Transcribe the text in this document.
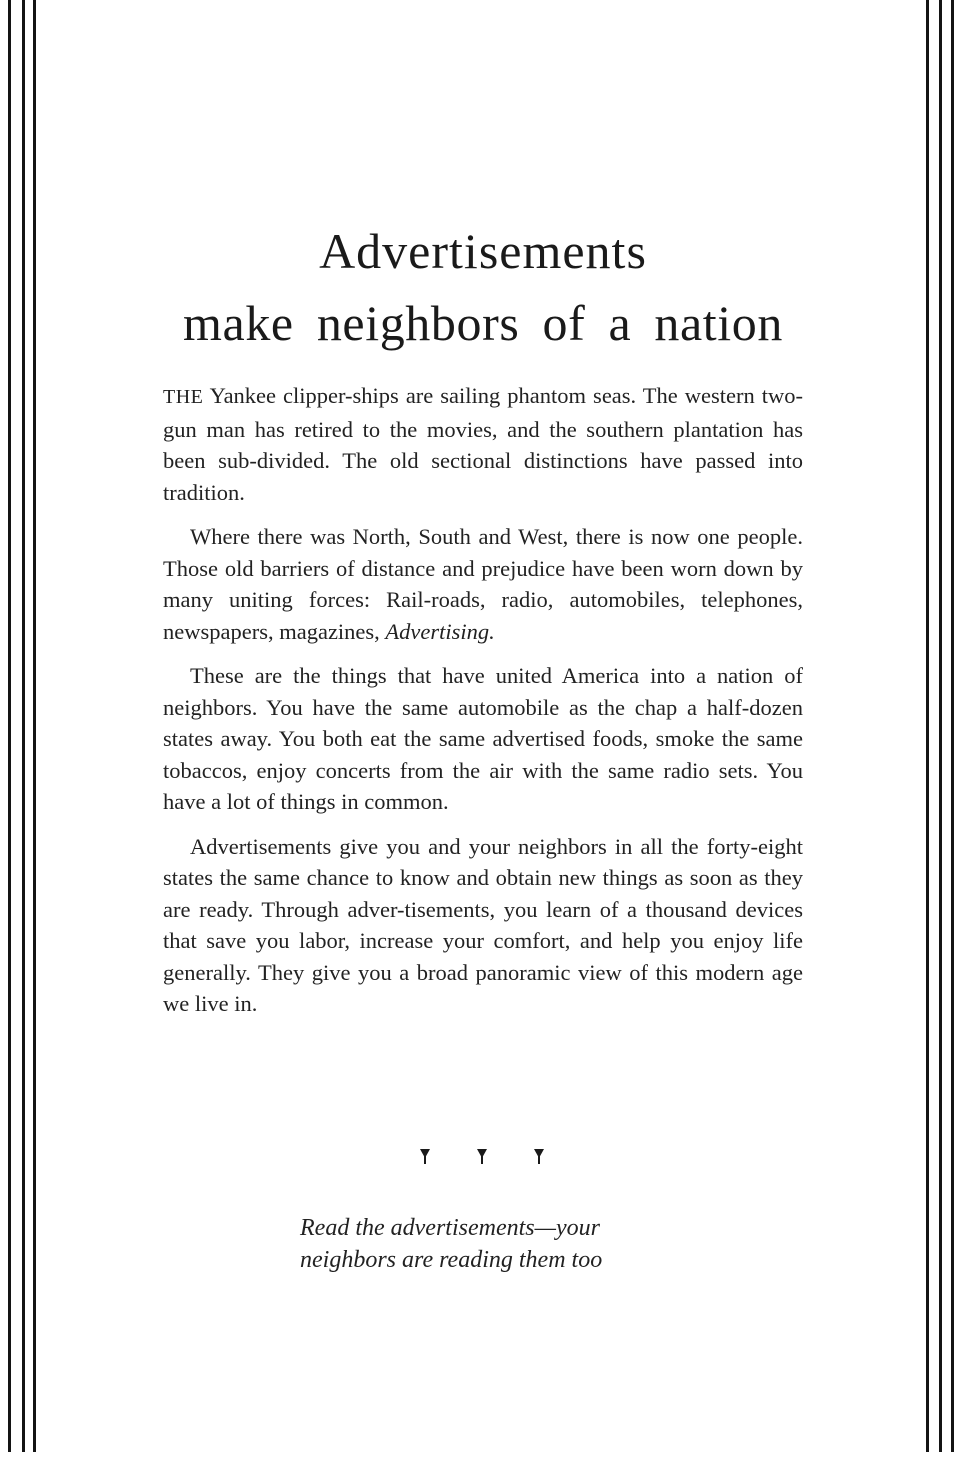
Advertisements
make neighbors of a nation

THE Yankee clipper-ships are sailing phantom seas. The western two-gun man has retired to the movies, and the southern plantation has been sub-divided. The old sectional distinctions have passed into tradition.

Where there was North, South and West, there is now one people. Those old barriers of distance and prejudice have been worn down by many uniting forces: Rail-roads, radio, automobiles, telephones, newspapers, magazines, Advertising.

These are the things that have united America into a nation of neighbors. You have the same automobile as the chap a half-dozen states away. You both eat the same advertised foods, smoke the same tobaccos, enjoy concerts from the air with the same radio sets. You have a lot of things in common.

Advertisements give you and your neighbors in all the forty-eight states the same chance to know and obtain new things as soon as they are ready. Through adver-tisements, you learn of a thousand devices that save you labor, increase your comfort, and help you enjoy life generally. They give you a broad panoramic view of this modern age we live in.

Read the advertisements—your
neighbors are reading them too
